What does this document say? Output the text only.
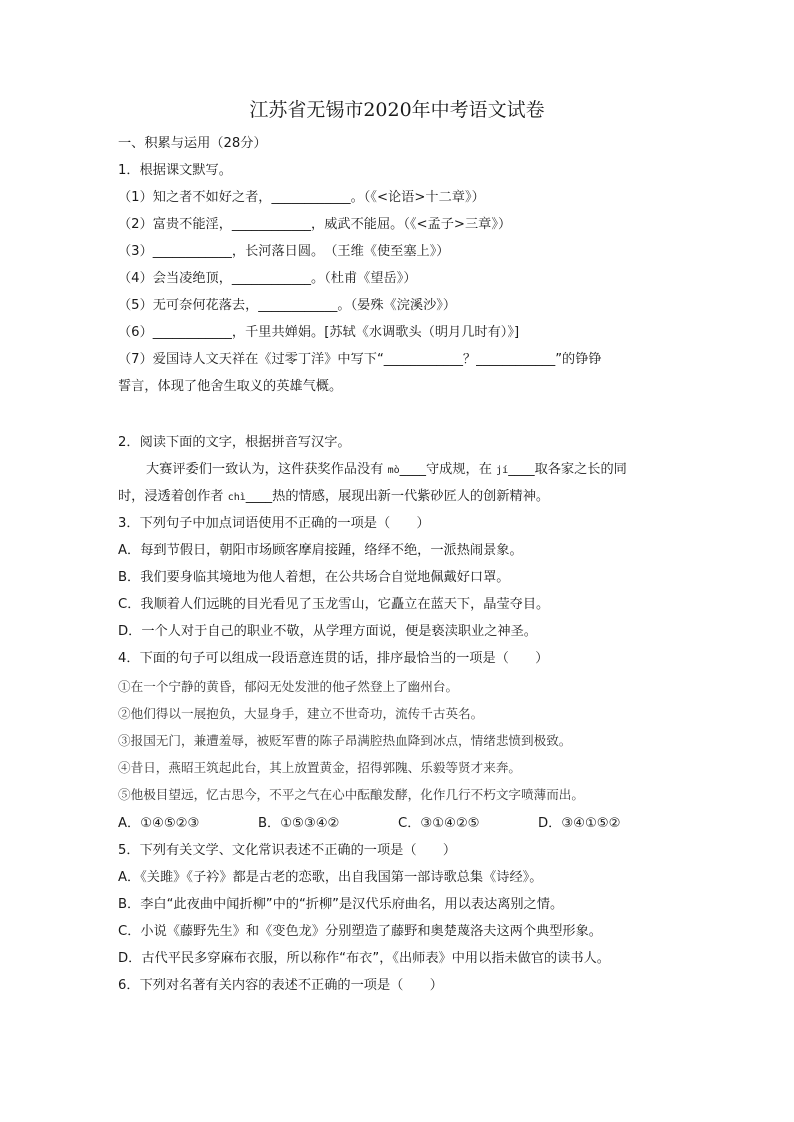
江苏省无锡市2020年中考语文试卷
一、积累与运用（28分）
1．根据课文默写。
（1）知之者不如好之者，____________。（《<论语>十二章》）
（2）富贵不能淫，____________，威武不能屈。（《<孟子>三章》）
（3）____________，长河落日圆。　（王维《使至塞上》）
（4）会当凌绝顶，____________。（杜甫《望岳》）
（5）无可奈何花落去，____________。（晏殊《浣溪沙》）
（6）____________，千里共婵娟。[苏轼《水调歌头（明月几时有）》]
（7）爱国诗人文天祥在《过零丁洋》中写下“____________？____________”的铮铮
誓言，体现了他舍生取义的英雄气概。
2．阅读下面的文字，根据拼音写汉字。
大赛评委们一致认为，这件获奖作品没有 mò____守成规，在 jí____取各家之长的同
时，浸透着创作者 chì____热的情感，展现出新一代紫砂匠人的创新精神。
3．下列句子中加点词语使用不正确的一项是（　　）
A．每到节假日，朝阳市场顾客摩肩接踵，络绎不绝，一派热闹景象。
B．我们要身临其境地为他人着想，在公共场合自觉地佩戴好口罩。
C．我顺着人们远眺的目光看见了玉龙雪山，它矗立在蓝天下，晶莹夺目。
D．一个人对于自己的职业不敬，从学理方面说，便是亵渎职业之神圣。
4．下面的句子可以组成一段语意连贯的话，排序最恰当的一项是（　　）
①在一个宁静的黄昏，郁闷无处发泄的他孑然登上了幽州台。
②他们得以一展抱负，大显身手，建立不世奇功，流传千古英名。
③报国无门，兼遭羞辱，被贬军曹的陈子昂满腔热血降到冰点，情绪悲愤到极致。
④昔日，燕昭王筑起此台，其上放置黄金，招得郭隗、乐毅等贤才来奔。
⑤他极目望远，忆古思今，不平之气在心中酝酿发酵，化作几行不朽文字喷薄而出。
A．①④⑤②③	B．①⑤③④②	C．③①④②⑤	D．③④①⑤②
5．下列有关文学、文化常识表述不正确的一项是（　　）
A．《关雎》《子衿》都是古老的恋歌，出自我国第一部诗歌总集《诗经》。
B．李白“此夜曲中闻折柳”中的“折柳”是汉代乐府曲名，用以表达离别之情。
C．小说《藤野先生》和《变色龙》分别塑造了藤野和奥楚蔑洛夫这两个典型形象。
D．古代平民多穿麻布衣服，所以称作“布衣”，《出师表》中用以指未做官的读书人。
6．下列对名著有关内容的表述不正确的一项是（　　）
